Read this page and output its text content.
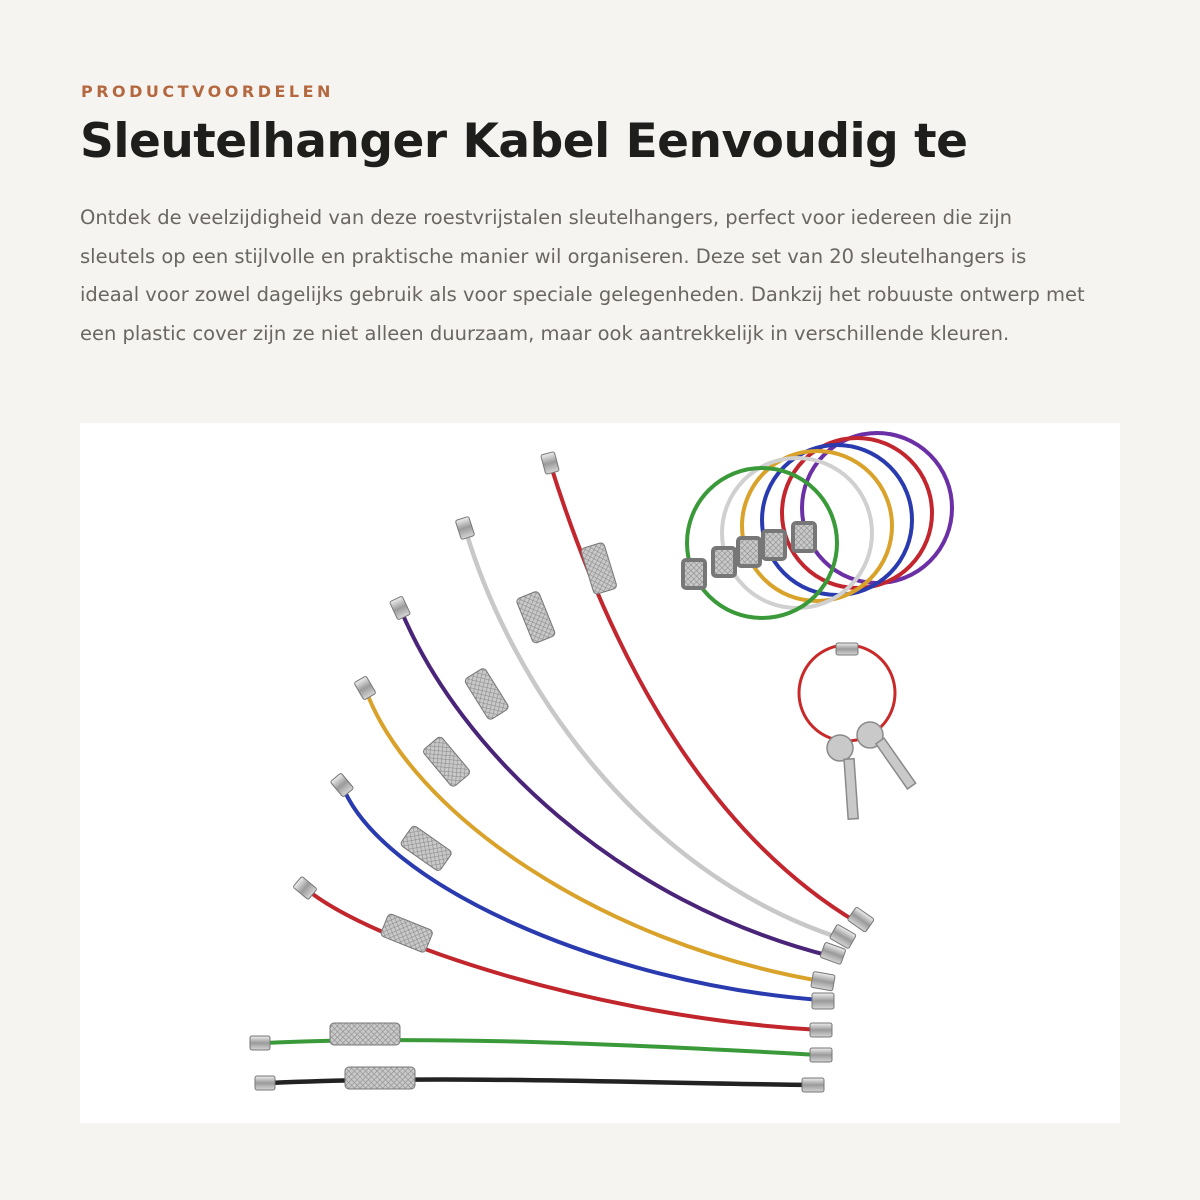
PRODUCTVOORDELEN

Sleutelhanger Kabel Eenvoudig te

Ontdek de veelzijdigheid van deze roestvrijstalen sleutelhangers, perfect voor iedereen die zijn sleutels op een stijlvolle en praktische manier wil organiseren. Deze set van 20 sleutelhangers is ideaal voor zowel dagelijks gebruik als voor speciale gelegenheden. Dankzij het robuuste ontwerp met een plastic cover zijn ze niet alleen duurzaam, maar ook aantrekkelijk in verschillende kleuren.
